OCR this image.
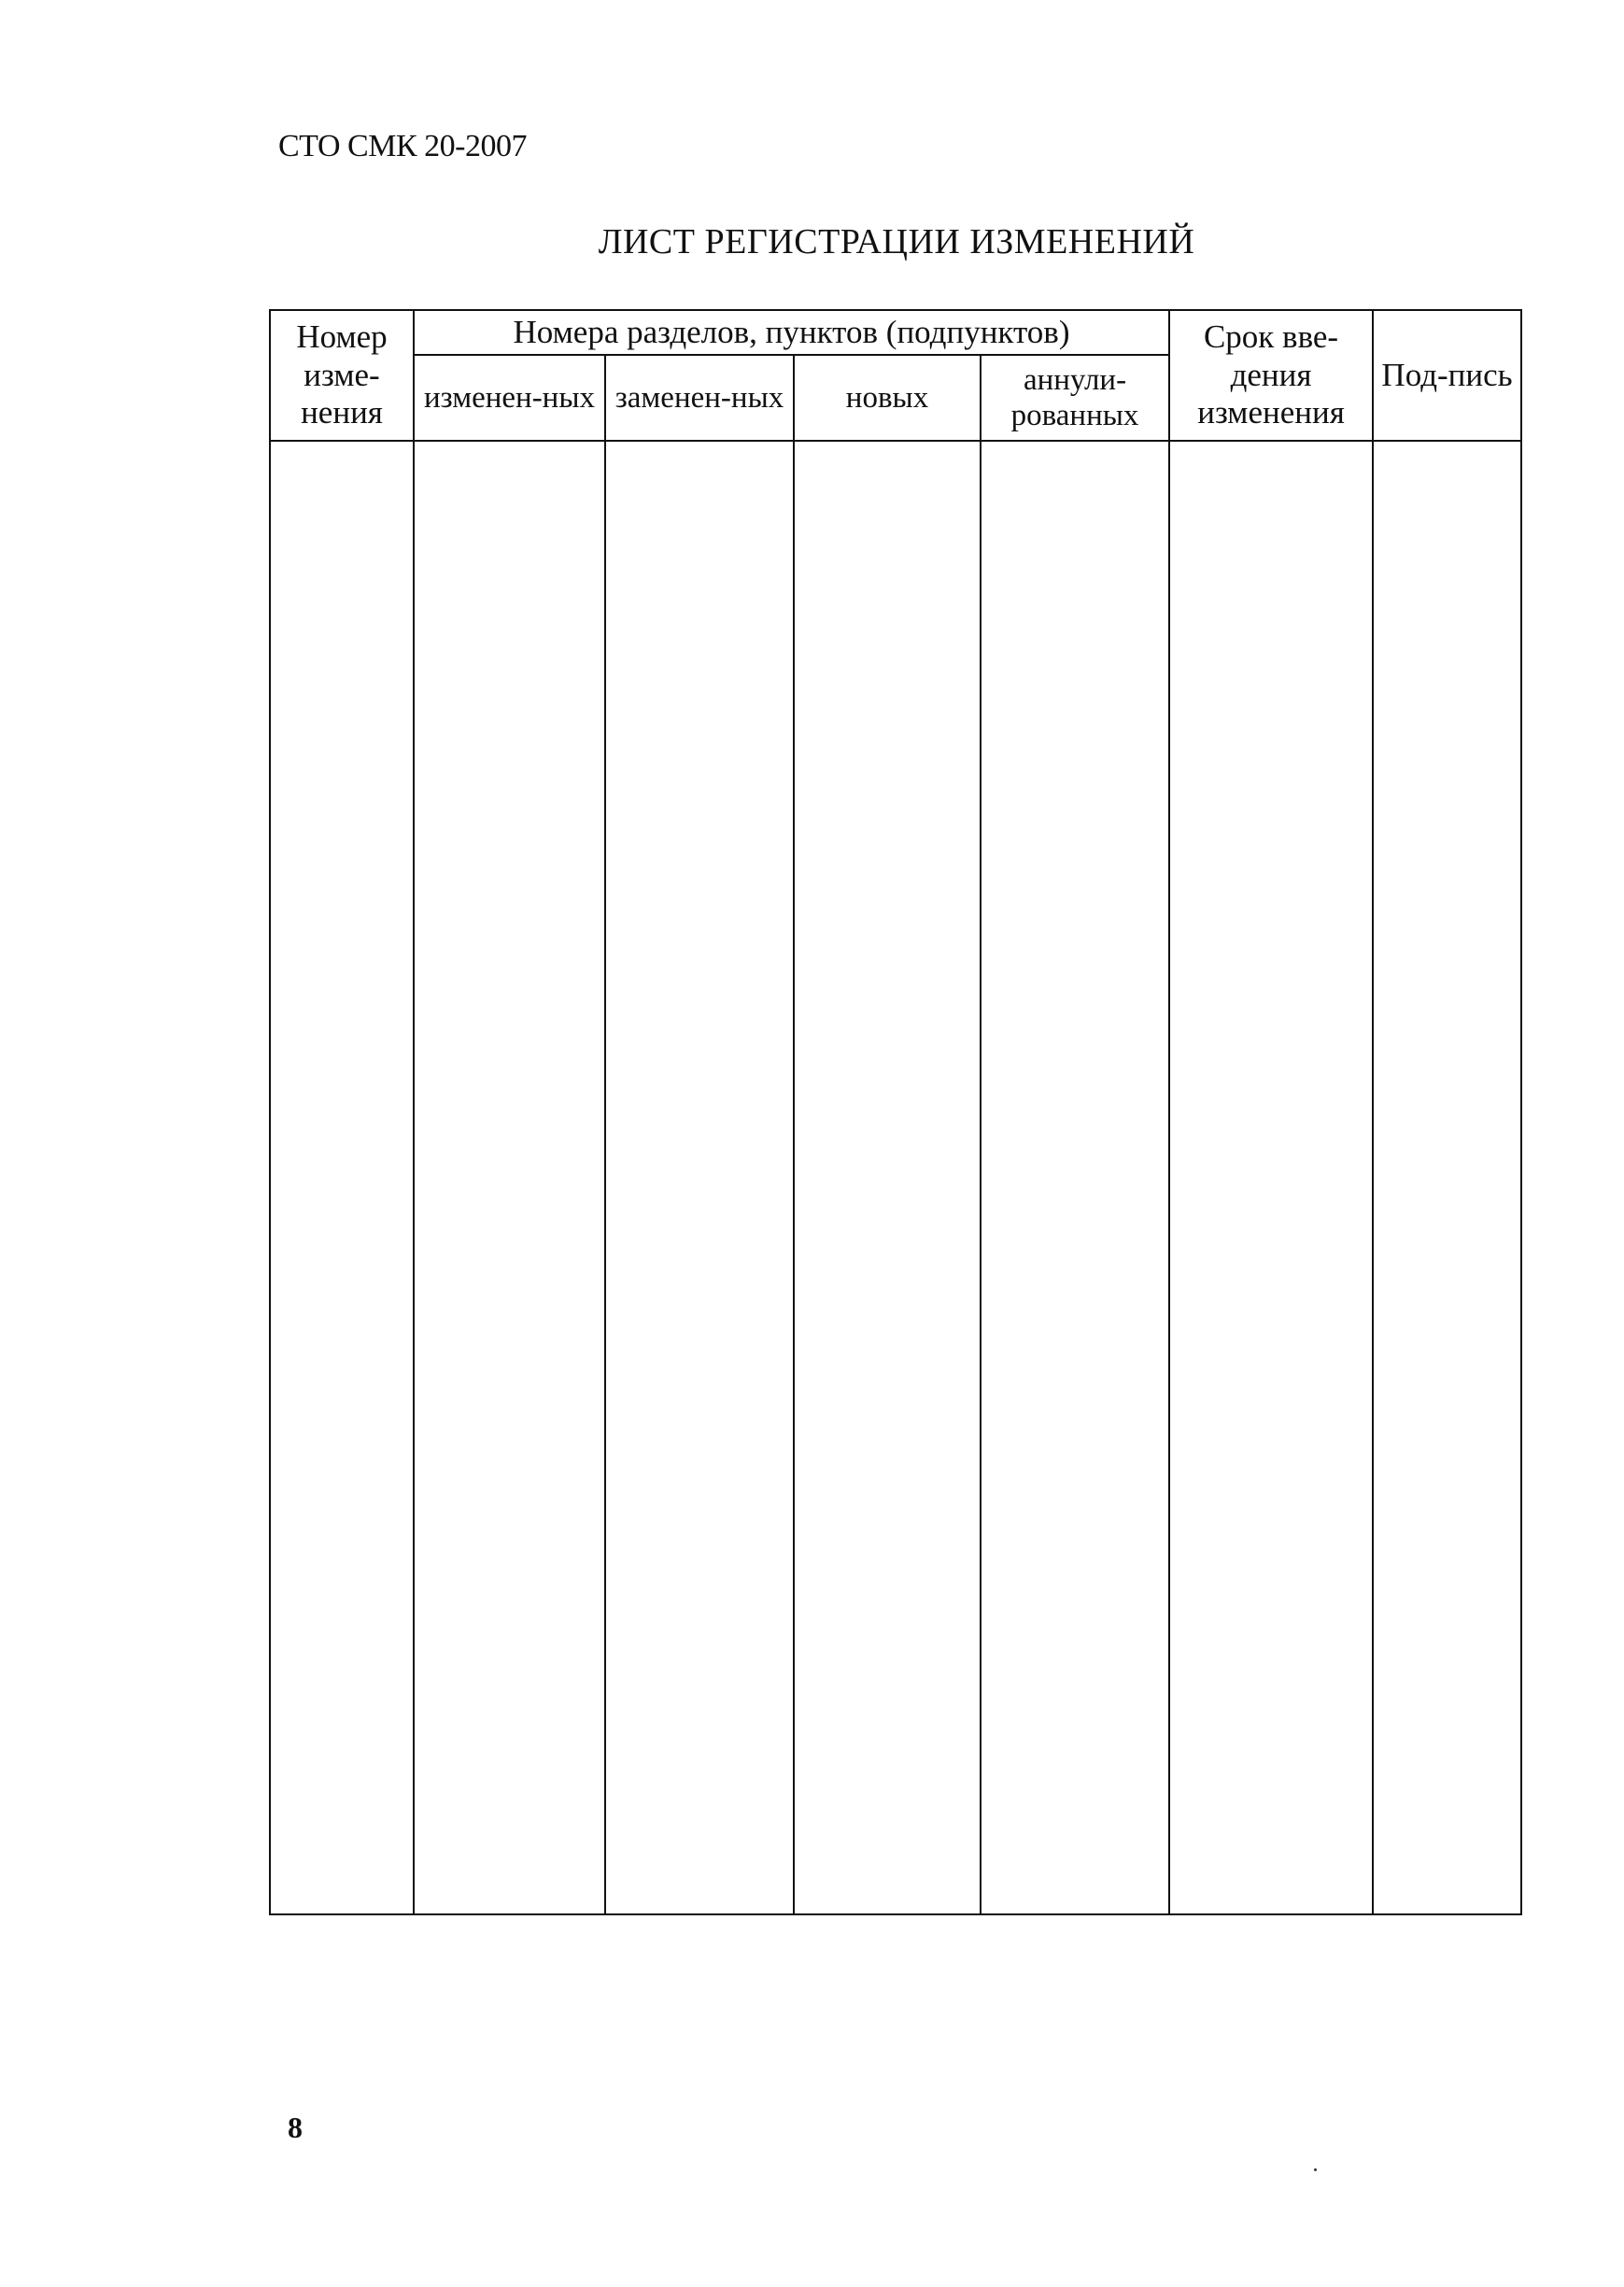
СТО СМК 20-2007
ЛИСТ РЕГИСТРАЦИИ ИЗМЕНЕНИЙ
Номер изме-нения	Номера разделов, пунктов (подпунктов)				Срок вве-дения изменения	Под-пись
	изменен-ных	заменен-ных	новых	аннули-рованных		

8
